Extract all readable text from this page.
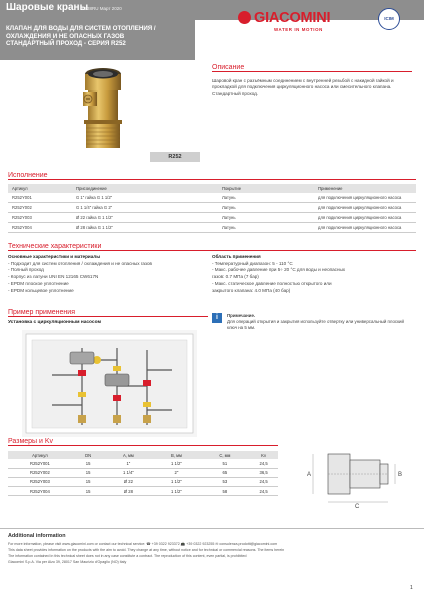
Шаровые краны
0238RU Март 2020
КЛАПАН ДЛЯ ВОДЫ ДЛЯ СИСТЕМ ОТОПЛЕНИЯ /
ОХЛАЖДЕНИЯ И НЕ ОПАСНЫХ ГАЗОВ
СТАНДАРТНЫЙ ПРОХОД - СЕРИЯ R252
GIACOMINI
WATER IN MOTION
ICIM
R252
Описание
Шаровой кран с разъёмным соединением с внутренней резьбой с накидной гайкой и прокладкой для подключения циркуляционного насоса или смесительного клапана. Стандартный проход.
Исполнение
Артикул	Присоединение	Покрытие	Применение
R252Y001	G 1" гайка G 1 1/2"	Латунь	для подключения циркуляционного насоса
R252Y002	G 1 1/4" гайка G 2"	Латунь	для подключения циркуляционного насоса
R252Y003	Ø 22 гайка G 1 1/2"	Латунь	для подключения циркуляционного насоса
R252Y004	Ø 28 гайка G 1 1/2"	Латунь	для подключения циркуляционного насоса
Технические характеристики
Основные характеристики и материалы
- Подходит для систем отопления / охлаждения и не опасных газов
- Полный проход
- Корпус из латуни UNI EN 12165 CW617N
- EPDM плоское уплотнение
- EPDM кольцевое уплотнение
Область применения
- Температурный диапазон: 5 - 110 °C
- Макс. рабочее давление при 5÷ 20 °C для воды и неопасных
газов: 0.7 МПа (7 бар)
- Макс. статическое давление полностью открытого или
закрытого клапана: 4.0 МПа (40 бар)
Пример применения
Установка с циркуляционным насосом
i	Примечание.
Для операций открытия и закрытия используйте отвертку или универсальный плоский ключ на 5 мм.
Размеры и Kv
Артикул	DN	A, мм	B, мм	C, мм	Kv
R252Y001	15	1"	1 1/2"	51	24,5
R252Y002	15	1 1/4"	2"	65	36,5
R252Y003	15	Ø 22	1 1/2"	53	24,5
R252Y004	15	Ø 28	1 1/2"	58	24,5
A	B
C
Additional information
For more information, please visit www.giacomini.com or contact our technical service: ☎ +39 0322 923372 📠 +39 0322 923255 ✉ consulenza.prodotti@giacomini.com
This data sheet provides information on the products with the aim to avoid. They change at any time, without notice and for technical or commercial reasons. The items herein
The information contained in this technical sheet does not in any case constitute a contract. The reproduction of this content, even partial, is prohibited
Giacomini S.p.A. Via per Alzo 39, 28017 San Maurizio d'Opaglio (NO) Italy
1
